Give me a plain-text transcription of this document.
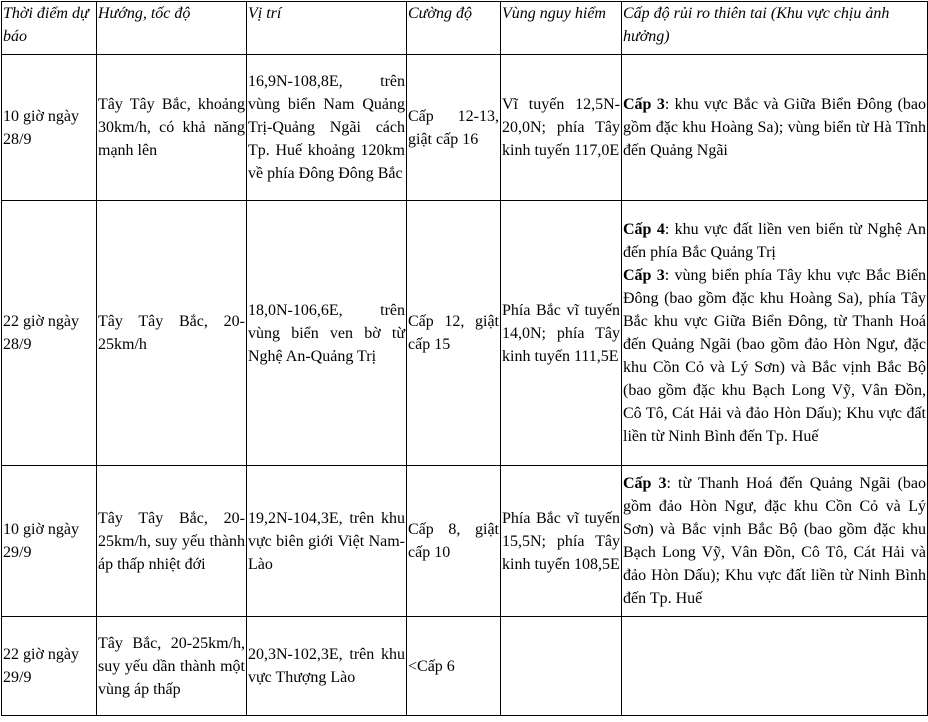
Thời điểm dự báo	Hướng, tốc độ	Vị trí	Cường độ	Vùng nguy hiểm	Cấp độ rủi ro thiên tai (Khu vực chịu ảnh hưởng)
10 giờ ngày 28/9	Tây Tây Bắc, khoảng 30km/h, có khả năng mạnh lên	16,9N-108,8E, trên vùng biển Nam Quảng Trị-Quảng Ngãi cách Tp. Huế khoảng 120km về phía Đông Đông Bắc	Cấp 12-13, giật cấp 16	Vĩ tuyến 12,5N-20,0N; phía Tây kinh tuyến 117,0E	Cấp 3: khu vực Bắc và Giữa Biển Đông (bao gồm đặc khu Hoàng Sa); vùng biển từ Hà Tĩnh đến Quảng Ngãi

22 giờ ngày 28/9	Tây Tây Bắc, 20-25km/h	18,0N-106,6E, trên vùng biển ven bờ từ Nghệ An-Quảng Trị	Cấp 12, giật cấp 15	Phía Bắc vĩ tuyến 14,0N; phía Tây kinh tuyến 111,5E	Cấp 4: khu vực đất liền ven biển từ Nghệ An đến phía Bắc Quảng Trị
Cấp 3: vùng biển phía Tây khu vực Bắc Biển Đông (bao gồm đặc khu Hoàng Sa), phía Tây Bắc khu vực Giữa Biển Đông, từ Thanh Hoá đến Quảng Ngãi (bao gồm đảo Hòn Ngư, đặc khu Cồn Cỏ và Lý Sơn) và Bắc vịnh Bắc Bộ (bao gồm đặc khu Bạch Long Vỹ, Vân Đồn, Cô Tô, Cát Hải và đảo Hòn Dấu); Khu vực đất liền từ Ninh Bình đến Tp. Huế

10 giờ ngày 29/9	Tây Tây Bắc, 20-25km/h, suy yếu thành áp thấp nhiệt đới	19,2N-104,3E, trên khu vực biên giới Việt Nam-Lào	Cấp 8, giật cấp 10	Phía Bắc vĩ tuyến 15,5N; phía Tây kinh tuyến 108,5E	Cấp 3: từ Thanh Hoá đến Quảng Ngãi (bao gồm đảo Hòn Ngư, đặc khu Cồn Cỏ và Lý Sơn) và Bắc vịnh Bắc Bộ (bao gồm đặc khu Bạch Long Vỹ, Vân Đồn, Cô Tô, Cát Hải và đảo Hòn Dấu); Khu vực đất liền từ Ninh Bình đến Tp. Huế

22 giờ ngày 29/9	Tây Bắc, 20-25km/h, suy yếu dần thành một vùng áp thấp	20,3N-102,3E, trên khu vực Thượng Lào	<Cấp 6		
